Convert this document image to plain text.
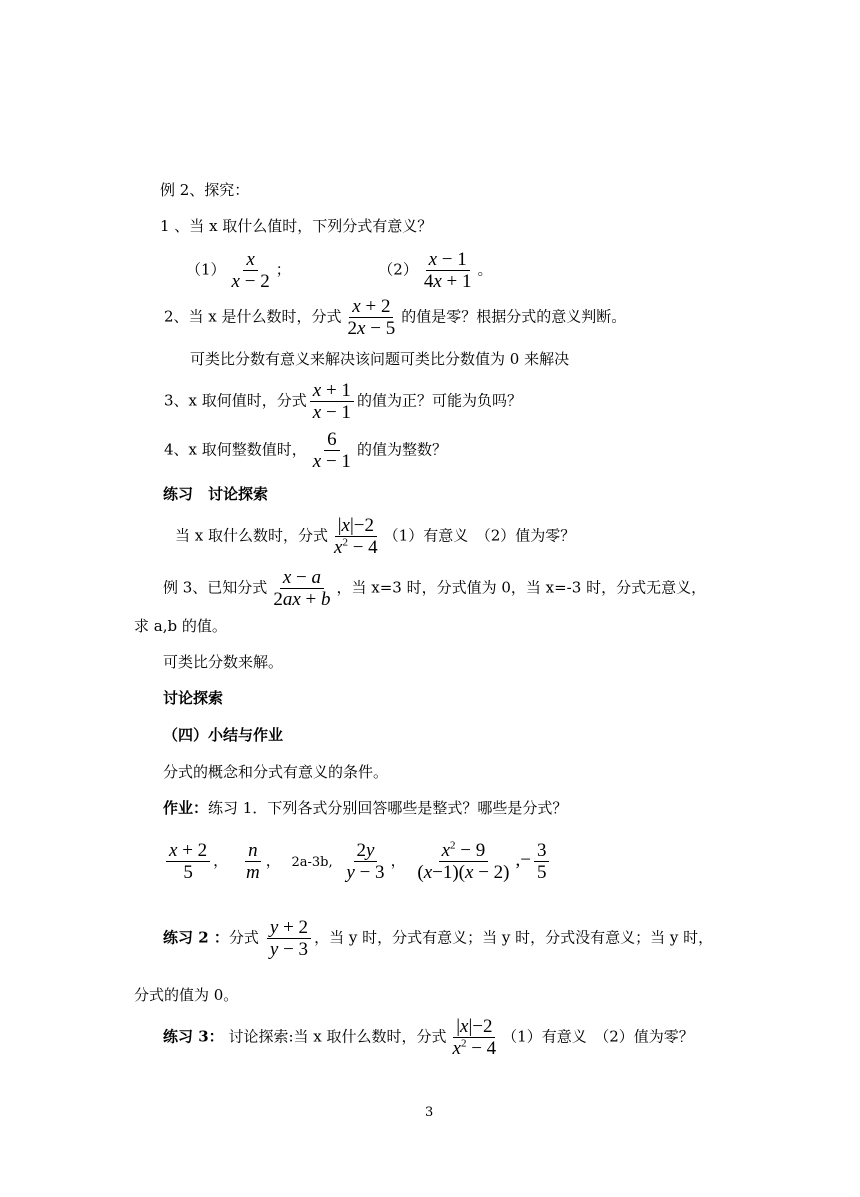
例 2、探究：
1 、当 x 取什么值时，下列分式有意义？
$(1) \frac{x}{x - 2}$ ；	$(2) \frac{x - 1}{4x + 1}$ 。
2、当 x 是什么数时，分式 $\frac{x + 2}{2x - 5}$ 的值是零？根据分式的意义判断。
可类比分数有意义来解决该问题可类比分数值为 0 来解决
3、x 取何值时，分式 $\frac{x + 1}{x - 1}$ 的值为正？可能为负吗？
4、x 取何整数值时， $\frac{6}{x - 1}$ 的值为整数？
练习　讨论探索
当 x 取什么数时，分式 $\frac{|x|-2}{x^2 - 4} (1)$有意义　（2）值为零？
例 3、已知分式 $\frac{x - a}{2ax + b}$ ，当 x=3 时，分式值为 0，当 x=-3 时，分式无意义，
求 a,b 的值。
可类比分数来解。
讨论探索
（四）小结与作业
分式的概念和分式有意义的条件。
作业：练习 1．下列各式分别回答哪些是整式？哪些是分式？
$\frac{x + 2}{5}$ ， $\frac{n}{m}$ ， 2a-3b, $\frac{2y}{y - 3}$ ， $\frac{x^2 - 9}{(x-1)(x - 2)}$ ,− $\frac{3}{5}$
练习 2 ：分式 $\frac{y + 2}{y - 3}$ ，当 y 时，分式有意义；当 y 时，分式没有意义；当 y 时，
分式的值为 0。
练习 3： 讨论探索:当 x 取什么数时，分式 $\frac{|x|-2}{x^2 - 4} (1)$有意义　（2）值为零？
3
